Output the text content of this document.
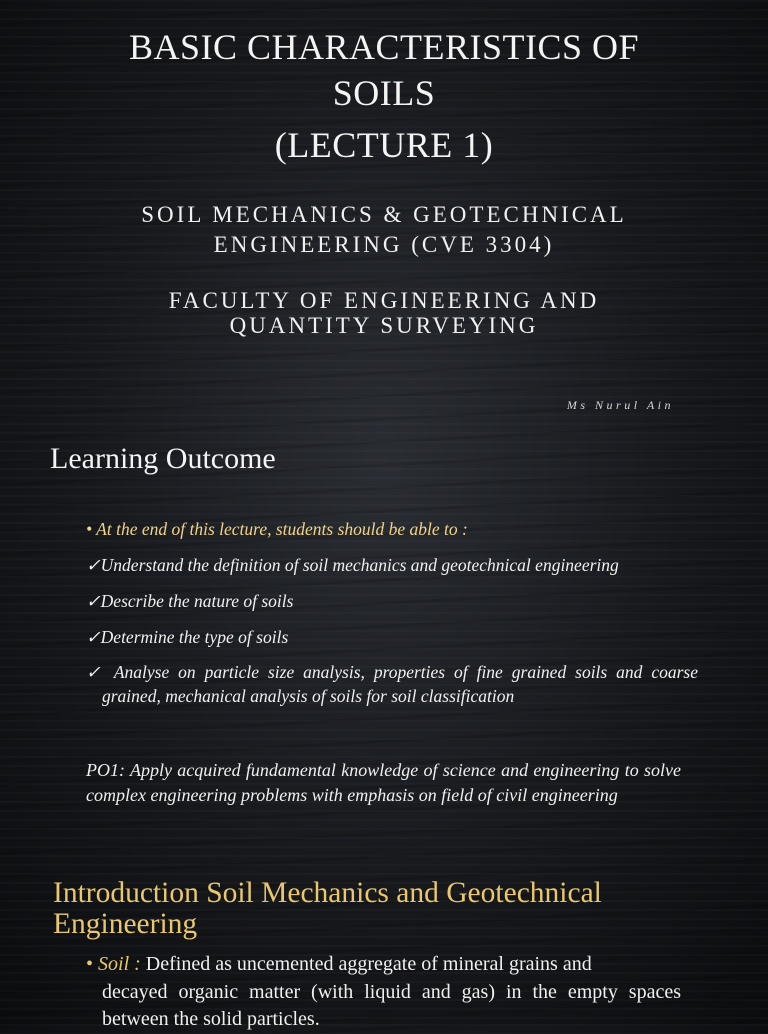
BASIC CHARACTERISTICS OF
SOILS
(LECTURE 1)
SOIL MECHANICS & GEOTECHNICAL
ENGINEERING (CVE 3304)
FACULTY OF ENGINEERING AND
QUANTITY SURVEYING
Ms Nurul Ain
Learning Outcome
• At the end of this lecture, students should be able to :
✓Understand the definition of soil mechanics and geotechnical engineering
✓Describe the nature of soils
✓Determine the type of soils
✓ Analyse on particle size analysis, properties of fine grained soils and coarse grained, mechanical analysis of soils for soil classification
PO1: Apply acquired fundamental knowledge of science and engineering to solve complex engineering problems with emphasis on field of civil engineering
Introduction Soil Mechanics and Geotechnical Engineering
• Soil : Defined as uncemented aggregate of mineral grains and
decayed organic matter (with liquid and gas) in the empty spaces between the solid particles.
